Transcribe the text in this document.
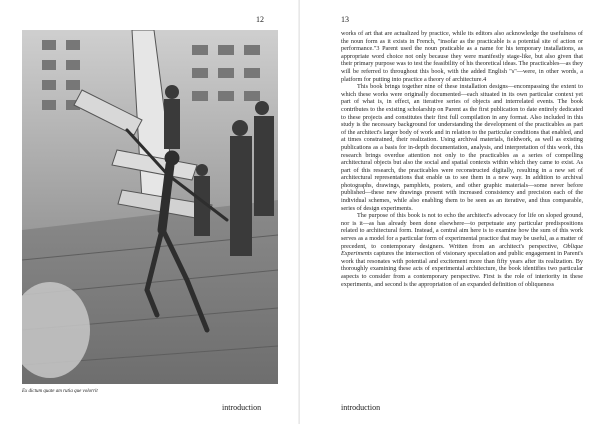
12
Ex dictum quate am rutia que volorrit
introduction
13

works of art that are actualized by practice, while its editors also acknowledge the usefulness of the noun form as it exists in French, "insofar as the practicable is a potential site of action or performance."3 Parent used the noun praticable as a name for his temporary installations, as appropriate word choice not only because they were manifestly stage-like, but also given that their primary purpose was to test the feasibility of his theoretical ideas. The practicables—as they will be referred to throughout this book, with the added English "s"—were, in other words, a platform for putting into practice a theory of architecture.4

This book brings together nine of these installation designs—encompassing the extent to which these works were originally documented—each situated in its own particular context yet part of what is, in effect, an iterative series of objects and interrelated events. The book contributes to the existing scholarship on Parent as the first publication to date entirely dedicated to these projects and constitutes their first full compilation in any format. Also included in this study is the necessary background for understanding the development of the practicables as part of the architect's larger body of work and in relation to the particular conditions that enabled, and at times constrained, their realization. Using archival materials, fieldwork, as well as existing publications as a basis for in-depth documentation, analysis, and interpretation of this work, this research brings overdue attention not only to the practicables as a series of compelling architectural objects but also the social and spatial contexts within which they came to exist. As part of this research, the practicables were reconstructed digitally, resulting in a new set of architectural representations that enable us to see them in a new way. In addition to archival photographs, drawings, pamphlets, posters, and other graphic materials—some never before published—these new drawings present with increased consistency and precision each of the individual schemes, while also enabling them to be seen as an iterative, and thus comparable, series of design experiments.

The purpose of this book is not to echo the architect's advocacy for life on sloped ground, nor is it—as has already been done elsewhere—to perpetuate any particular predispositions related to architectural form. Instead, a central aim here is to examine how the sum of this work serves as a model for a particular form of experimental practice that may be useful, as a matter of precedent, to contemporary designers. Written from an architect's perspective, Oblique Experiments captures the intersection of visionary speculation and public engagement in Parent's work that resonates with potential and excitement more than fifty years after its realization. By thoroughly examining these acts of experimental architecture, the book identifies two particular aspects to consider from a contemporary perspective. First is the role of interiority in these experiments, and second is the appropriation of an expanded definition of obliqueness

introduction
